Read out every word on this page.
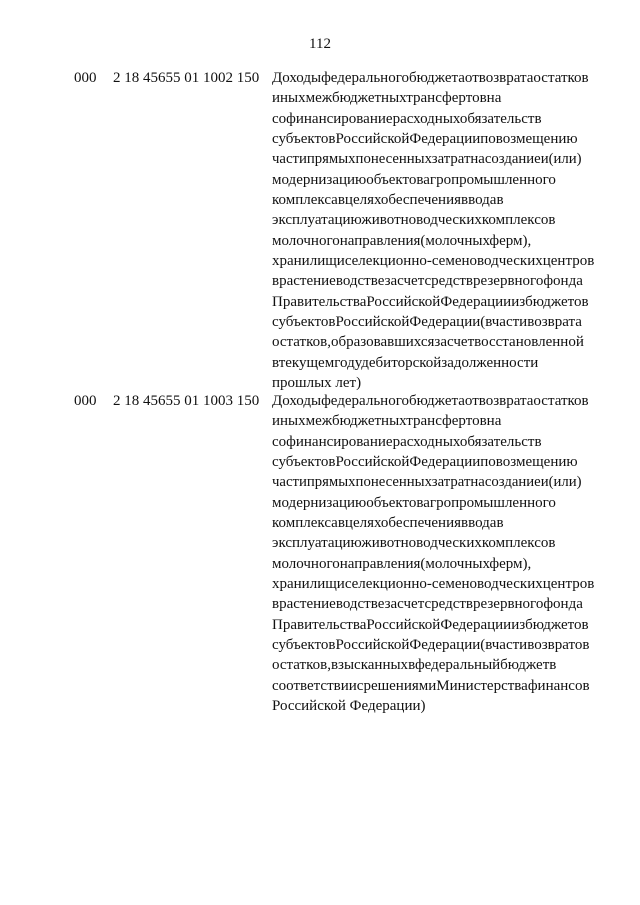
112
000 2 18 45655 01 1002 150 Доходыфедеральногобюджетаотвозвратаостатков
иныхмежбюджетныхтрансфертовна
софинансированиерасходныхобязательств
субъектовРоссийскойФедерацииповозмещению
частипрямыхпонесенныхзатратнасозданиеи(или)
модернизациюобъектовагропромышленного
комплексавцеляхобеспечениявводав
эксплуатациюживотноводческихкомплексов
молочногонаправления(молочныхферм),
хранилищиселекционно-семеноводческихцентров
врастениеводствезасчетсредстврезервногофонда
ПравительстваРоссийскойФедерацииизбюджетов
субъектовРоссийскойФедерации(вчастивозврата
остатков,образовавшихсязасчетвосстановленной
втекущемгодудебиторскойзадолженности
прошлых лет)
000 2 18 45655 01 1003 150 Доходыфедеральногобюджетаотвозвратаостатков
иныхмежбюджетныхтрансфертовна
софинансированиерасходныхобязательств
субъектовРоссийскойФедерацииповозмещению
частипрямыхпонесенныхзатратнасозданиеи(или)
модернизациюобъектовагропромышленного
комплексавцеляхобеспечениявводав
эксплуатациюживотноводческихкомплексов
молочногонаправления(молочныхферм),
хранилищиселекционно-семеноводческихцентров
врастениеводствезасчетсредстврезервногофонда
ПравительстваРоссийскойФедерацииизбюджетов
субъектовРоссийскойФедерации(вчастивозвратов
остатков,взысканныхвфедеральныйбюджетв
соответствиисрешениямиМинистерствафинансов
Российской Федерации)
